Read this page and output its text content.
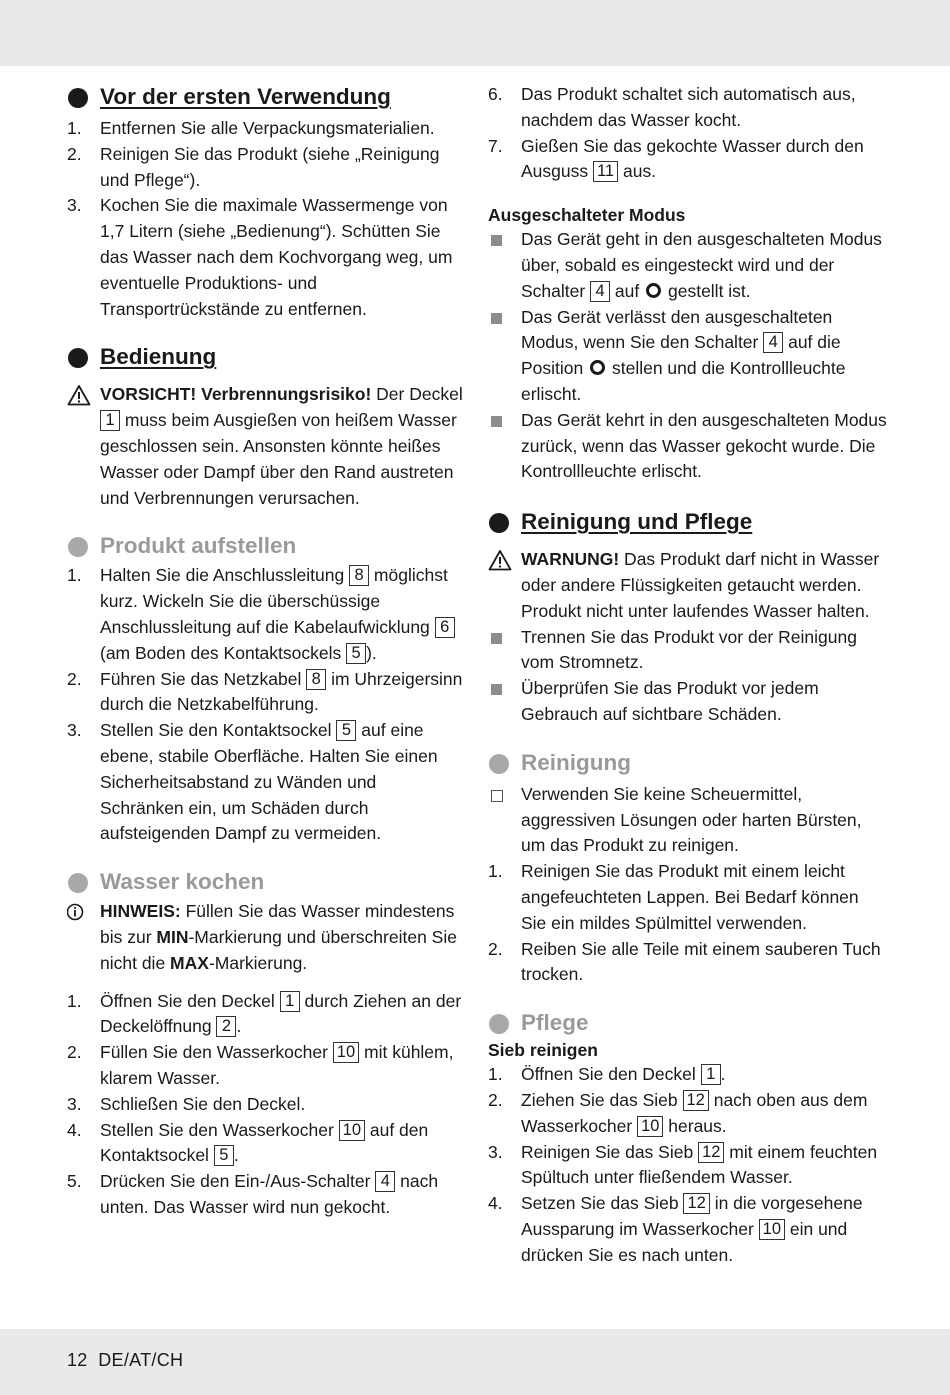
Vor der ersten Verwendung
1. Entfernen Sie alle Verpackungsmaterialien.
2. Reinigen Sie das Produkt (siehe „Reinigung und Pflege“).
3. Kochen Sie die maximale Wassermenge von 1,7 Litern (siehe „Bedienung“). Schütten Sie das Wasser nach dem Kochvorgang weg, um eventuelle Produktions- und Transportrückstände zu entfernen.
Bedienung
VORSICHT! Verbrennungsrisiko! Der Deckel 1 muss beim Ausgießen von heißem Wasser geschlossen sein. Ansonsten könnte heißes Wasser oder Dampf über den Rand austreten und Verbrennungen verursachen.
Produkt aufstellen
1. Halten Sie die Anschlussleitung 8 möglichst kurz. Wickeln Sie die überschüssige Anschlussleitung auf die Kabelaufwicklung 6 (am Boden des Kontaktsockels 5 ).
2. Führen Sie das Netzkabel 8 im Uhrzeigersinn durch die Netzkabelführung.
3. Stellen Sie den Kontaktsockel 5 auf eine ebene, stabile Oberfläche. Halten Sie einen Sicherheitsabstand zu Wänden und Schränken ein, um Schäden durch aufsteigenden Dampf zu vermeiden.
Wasser kochen
HINWEIS: Füllen Sie das Wasser mindestens bis zur MIN-Markierung und überschreiten Sie nicht die MAX-Markierung.
1. Öffnen Sie den Deckel 1 durch Ziehen an der Deckelöffnung 2 .
2. Füllen Sie den Wasserkocher 10 mit kühlem, klarem Wasser.
3. Schließen Sie den Deckel.
4. Stellen Sie den Wasserkocher 10 auf den Kontaktsockel 5 .
5. Drücken Sie den Ein-/Aus-Schalter 4 nach unten. Das Wasser wird nun gekocht.
6. Das Produkt schaltet sich automatisch aus, nachdem das Wasser kocht.
7. Gießen Sie das gekochte Wasser durch den Ausguss 11 aus.
Ausgeschalteter Modus
Das Gerät geht in den ausgeschalteten Modus über, sobald es eingesteckt wird und der Schalter 4 auf  gestellt ist.
Das Gerät verlässt den ausgeschalteten Modus, wenn Sie den Schalter 4 auf die Position  stellen und die Kontrollleuchte erlischt.
Das Gerät kehrt in den ausgeschalteten Modus zurück, wenn das Wasser gekocht wurde. Die Kontrollleuchte erlischt.
Reinigung und Pflege
WARNUNG! Das Produkt darf nicht in Wasser oder andere Flüssigkeiten getaucht werden. Produkt nicht unter laufendes Wasser halten.
Trennen Sie das Produkt vor der Reinigung vom Stromnetz.
Überprüfen Sie das Produkt vor jedem Gebrauch auf sichtbare Schäden.
Reinigung
Verwenden Sie keine Scheuermittel, aggressiven Lösungen oder harten Bürsten, um das Produkt zu reinigen.
1. Reinigen Sie das Produkt mit einem leicht angefeuchteten Lappen. Bei Bedarf können Sie ein mildes Spülmittel verwenden.
2. Reiben Sie alle Teile mit einem sauberen Tuch trocken.
Pflege
Sieb reinigen
1. Öffnen Sie den Deckel 1 .
2. Ziehen Sie das Sieb 12 nach oben aus dem Wasserkocher 10 heraus.
3. Reinigen Sie das Sieb 12 mit einem feuchten Spültuch unter fließendem Wasser.
4. Setzen Sie das Sieb 12 in die vorgesehene Aussparung im Wasserkocher 10 ein und drücken Sie es nach unten.
12 DE/AT/CH
